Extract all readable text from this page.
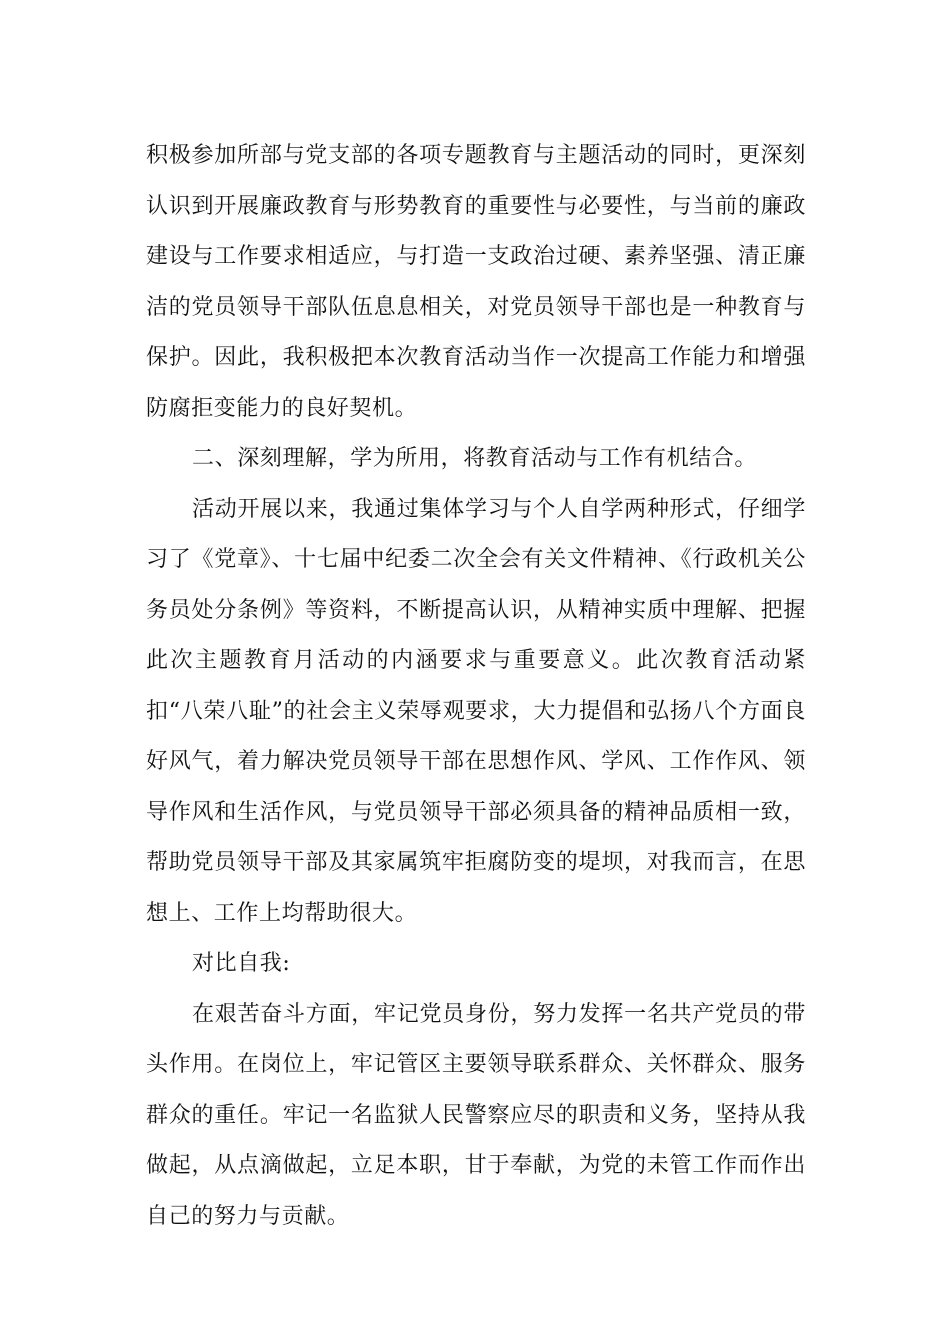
积极参加所部与党支部的各项专题教育与主题活动的同时，更深刻认识到开展廉政教育与形势教育的重要性与必要性，与当前的廉政建设与工作要求相适应，与打造一支政治过硬、素养坚强、清正廉洁的党员领导干部队伍息息相关，对党员领导干部也是一种教育与保护。因此，我积极把本次教育活动当作一次提高工作能力和增强防腐拒变能力的良好契机。

二、深刻理解，学为所用，将教育活动与工作有机结合。

活动开展以来，我通过集体学习与个人自学两种形式，仔细学习了《党章》、十七届中纪委二次全会有关文件精神、《行政机关公务员处分条例》等资料，不断提高认识，从精神实质中理解、把握此次主题教育月活动的内涵要求与重要意义。此次教育活动紧扣“八荣八耻”的社会主义荣辱观要求，大力提倡和弘扬八个方面良好风气，着力解决党员领导干部在思想作风、学风、工作作风、领导作风和生活作风，与党员领导干部必须具备的精神品质相一致，帮助党员领导干部及其家属筑牢拒腐防变的堤坝，对我而言，在思想上、工作上均帮助很大。

对比自我:

在艰苦奋斗方面，牢记党员身份，努力发挥一名共产党员的带头作用。在岗位上，牢记管区主要领导联系群众、关怀群众、服务群众的重任。牢记一名监狱人民警察应尽的职责和义务，坚持从我做起，从点滴做起，立足本职，甘于奉献，为党的未管工作而作出自己的努力与贡献。
